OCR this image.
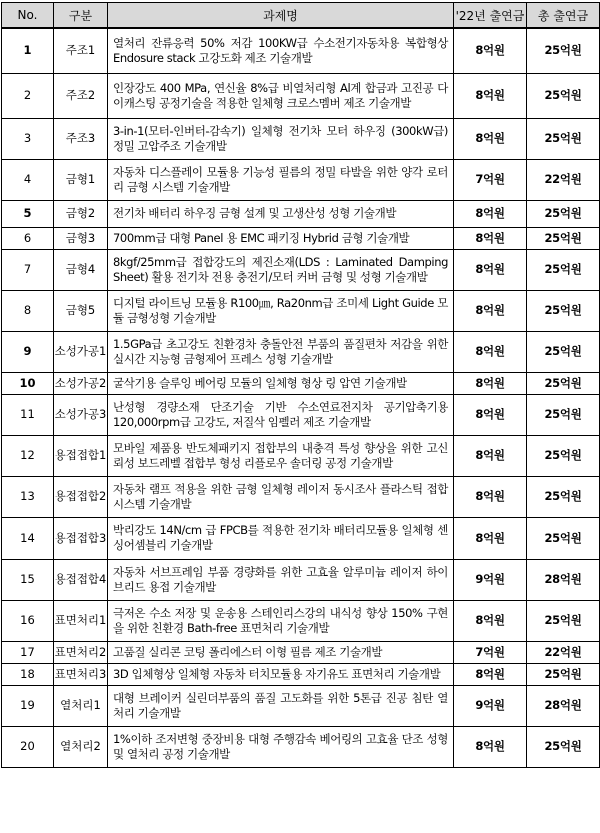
No.	구분	과제명	'22년 출연금	총 출연금
1	주조1	열처리 잔류응력 50% 저감 100KW급 수소전기자동차용 복합형상 Endosure stack 고강도화 제조 기술개발	8억원	25억원
2	주조2	인장강도 400 MPa, 연신율 8%급 비열처리형 Al계 합금과 고진공 다이캐스팅 공정기술을 적용한 일체형 크로스멤버 제조 기술개발	8억원	25억원
3	주조3	3-in-1(모터-인버터-감속기) 일체형 전기차 모터 하우징 (300kW급) 정밀 고압주조 기술개발	8억원	25억원
4	금형1	자동차 디스플레이 모듈용 기능성 필름의 정밀 타발을 위한 양각 로터리 금형 시스템 기술개발	7억원	22억원
5	금형2	전기차 배터리 하우징 금형 설계 및 고생산성 성형 기술개발	8억원	25억원
6	금형3	700mm급 대형 Panel 용 EMC 패키징 Hybrid 금형 기술개발	8억원	25억원
7	금형4	8kgf/25mm급 접합강도의 제진소재(LDS : Laminated Damping Sheet) 활용 전기차 전용 충전기/모터 커버 금형 및 성형 기술개발	8억원	25억원
8	금형5	디지털 라이트닝 모듈용 R100㎛, Ra20nm급 조미세 Light Guide 모듈 금형성형 기술개발	8억원	25억원
9	소성가공1	1.5GPa급 초고강도 친환경차 충돌안전 부품의 품질편차 저감을 위한 실시간 지능형 금형제어 프레스 성형 기술개발	8억원	25억원
10	소성가공2	굴삭기용 슬루잉 베어링 모듈의 일체형 형상 링 압연 기술개발	8억원	25억원
11	소성가공3	난성형 경량소재 단조기술 기반 수소연료전지차 공기압축기용 120,000rpm급 고강도, 저질삭 임펠러 제조 기술개발	8억원	25억원
12	용접접합1	모바일 제품용 반도체패키지 접합부의 내충격 특성 향상을 위한 고신뢰성 보드레벨 접합부 형성 리플로우 솔더링 공정 기술개발	8억원	25억원
13	용접접합2	자동차 램프 적용을 위한 금형 일체형 레이저 동시조사 플라스틱 접합 시스템 기술개발	8억원	25억원
14	용접접합3	박리강도 14N/cm 급 FPCB를 적용한 전기차 배터리모듈용 일체형 센싱어셈블리 기술개발	8억원	25억원
15	용접접합4	자동차 서브프레임 부품 경량화를 위한 고효율 알루미늄 레이저 하이브리드 용접 기술개발	9억원	28억원
16	표면처리1	극저온 수소 저장 및 운송용 스테인리스강의 내식성 향상 150% 구현을 위한 친환경 Bath-free 표면처리 기술개발	8억원	25억원
17	표면처리2	고품질 실리콘 코팅 폴리에스터 이형 필름 제조 기술개발	7억원	22억원
18	표면처리3	3D 입체형상 일체형 자동차 터치모듈용 자기유도 표면처리 기술개발	8억원	25억원
19	열처리1	대형 브레이커 실린더부품의 품질 고도화를 위한 5톤급 진공 침탄 열처리 기술개발	9억원	28억원
20	열처리2	1%이하 조저변형 중장비용 대형 주행감속 베어링의 고효율 단조 성형 및 열처리 공정 기술개발	8억원	25억원
